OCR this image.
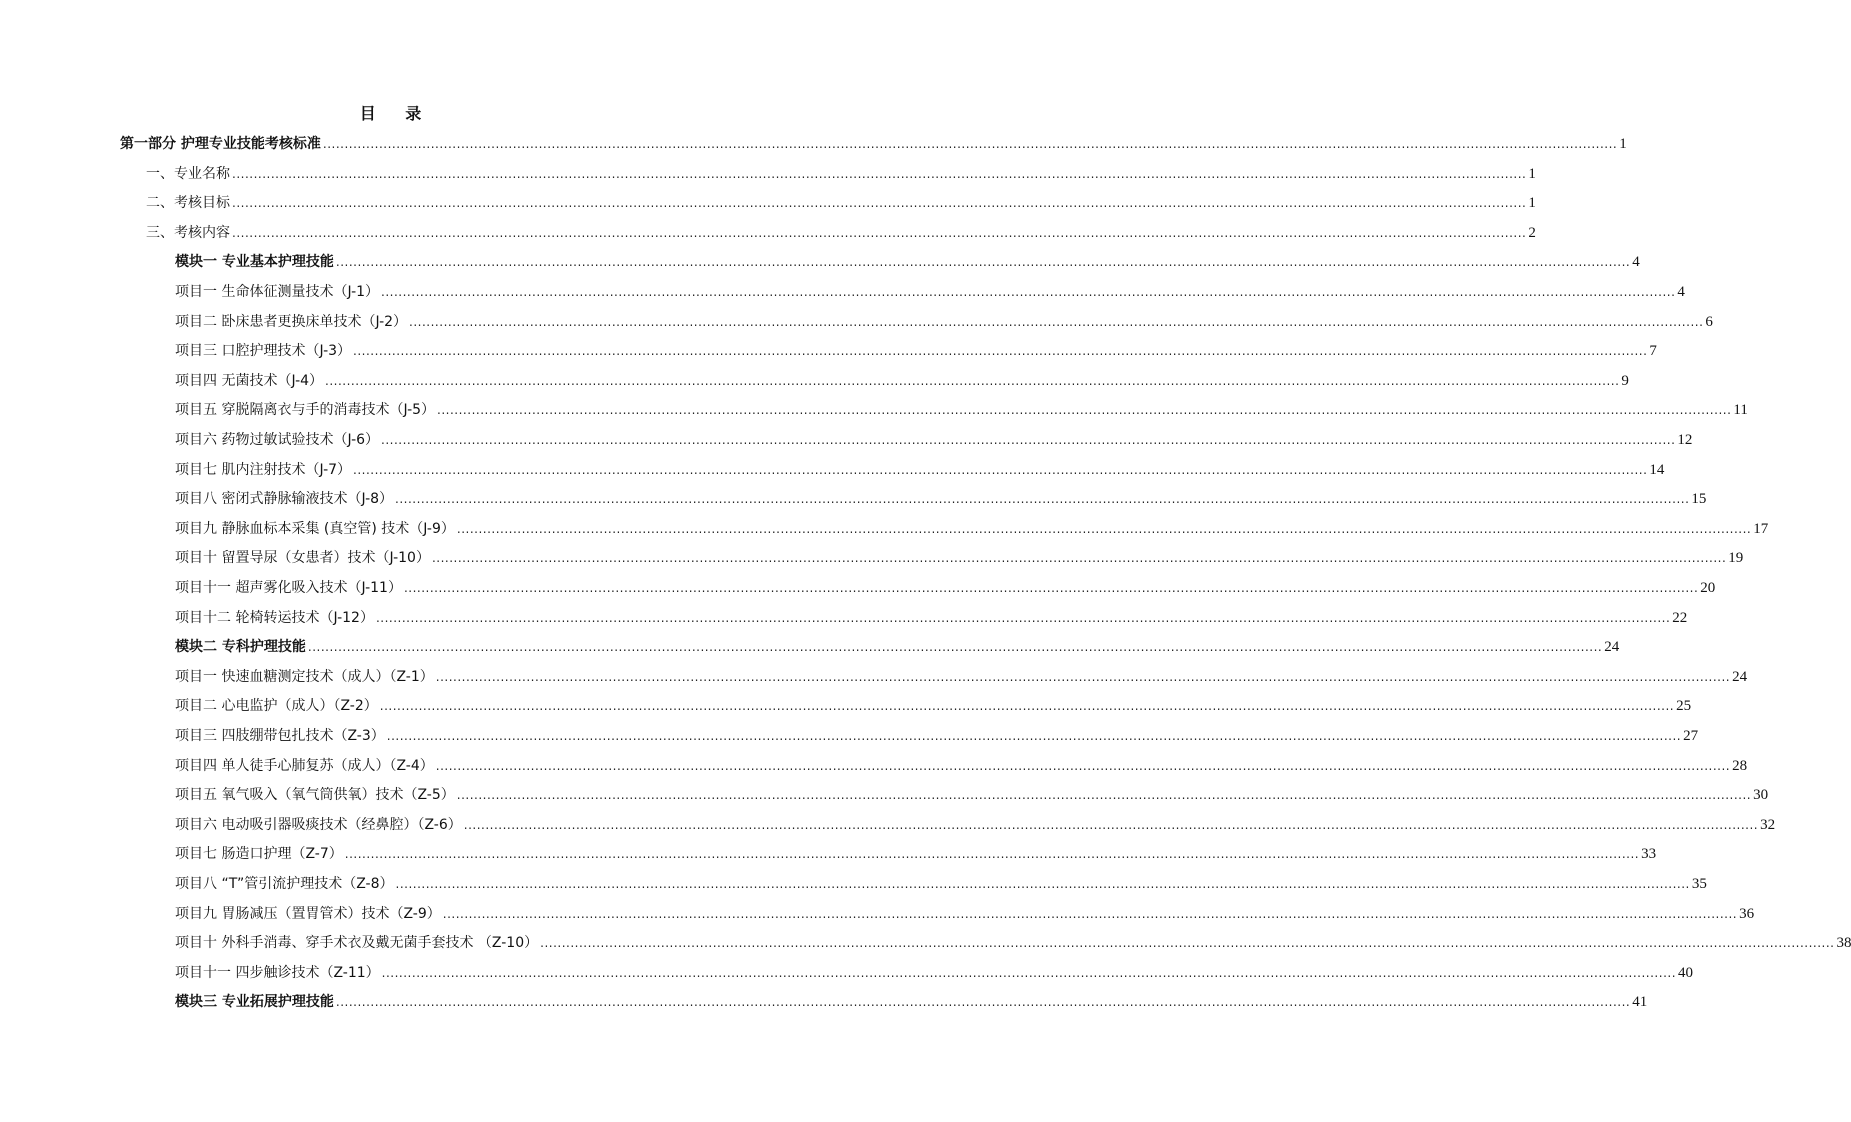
目 录
第一部分 护理专业技能考核标准 ............................................................................................................................................................................................................................................................................................................ 1
一、专业名称 ............................................................................................................................................................................................................................................................................................................ 1
二、考核目标 ............................................................................................................................................................................................................................................................................................................ 1
三、考核内容 ............................................................................................................................................................................................................................................................................................................ 2
模块一 专业基本护理技能 ............................................................................................................................................................................................................................................................................................................ 4
项目一 生命体征测量技术（J-1） ............................................................................................................................................................................................................................................................................................................ 4
项目二 卧床患者更换床单技术（J-2） ............................................................................................................................................................................................................................................................................................................ 6
项目三 口腔护理技术（J-3） ............................................................................................................................................................................................................................................................................................................ 7
项目四 无菌技术（J-4） ............................................................................................................................................................................................................................................................................................................ 9
项目五 穿脱隔离衣与手的消毒技术（J-5） ............................................................................................................................................................................................................................................................................................................ 11
项目六 药物过敏试验技术（J-6） ............................................................................................................................................................................................................................................................................................................ 12
项目七 肌内注射技术（J-7） ............................................................................................................................................................................................................................................................................................................ 14
项目八 密闭式静脉输液技术（J-8） ............................................................................................................................................................................................................................................................................................................ 15
项目九 静脉血标本采集 (真空管) 技术（J-9） ............................................................................................................................................................................................................................................................................................................ 17
项目十 留置导尿（女患者）技术（J-10） ............................................................................................................................................................................................................................................................................................................ 19
项目十一 超声雾化吸入技术（J-11） ............................................................................................................................................................................................................................................................................................................ 20
项目十二 轮椅转运技术（J-12） ............................................................................................................................................................................................................................................................................................................ 22
模块二 专科护理技能 ............................................................................................................................................................................................................................................................................................................ 24
项目一 快速血糖测定技术（成人）（Z-1） ............................................................................................................................................................................................................................................................................................................ 24
项目二 心电监护（成人）（Z-2） ............................................................................................................................................................................................................................................................................................................ 25
项目三 四肢绷带包扎技术（Z-3） ............................................................................................................................................................................................................................................................................................................ 27
项目四 单人徒手心肺复苏（成人）（Z-4） ............................................................................................................................................................................................................................................................................................................ 28
项目五 氧气吸入（氧气筒供氧）技术（Z-5） ............................................................................................................................................................................................................................................................................................................ 30
项目六 电动吸引器吸痰技术（经鼻腔）（Z-6） ............................................................................................................................................................................................................................................................................................................ 32
项目七 肠造口护理（Z-7） ............................................................................................................................................................................................................................................................................................................ 33
项目八 “T”管引流护理技术（Z-8） ............................................................................................................................................................................................................................................................................................................ 35
项目九 胃肠减压（置胃管术）技术（Z-9） ............................................................................................................................................................................................................................................................................................................ 36
项目十 外科手消毒、穿手术衣及戴无菌手套技术 （Z-10） ............................................................................................................................................................................................................................................................................................................ 38
项目十一 四步触诊技术（Z-11） ............................................................................................................................................................................................................................................................................................................ 40
模块三 专业拓展护理技能 ............................................................................................................................................................................................................................................................................................................ 41
